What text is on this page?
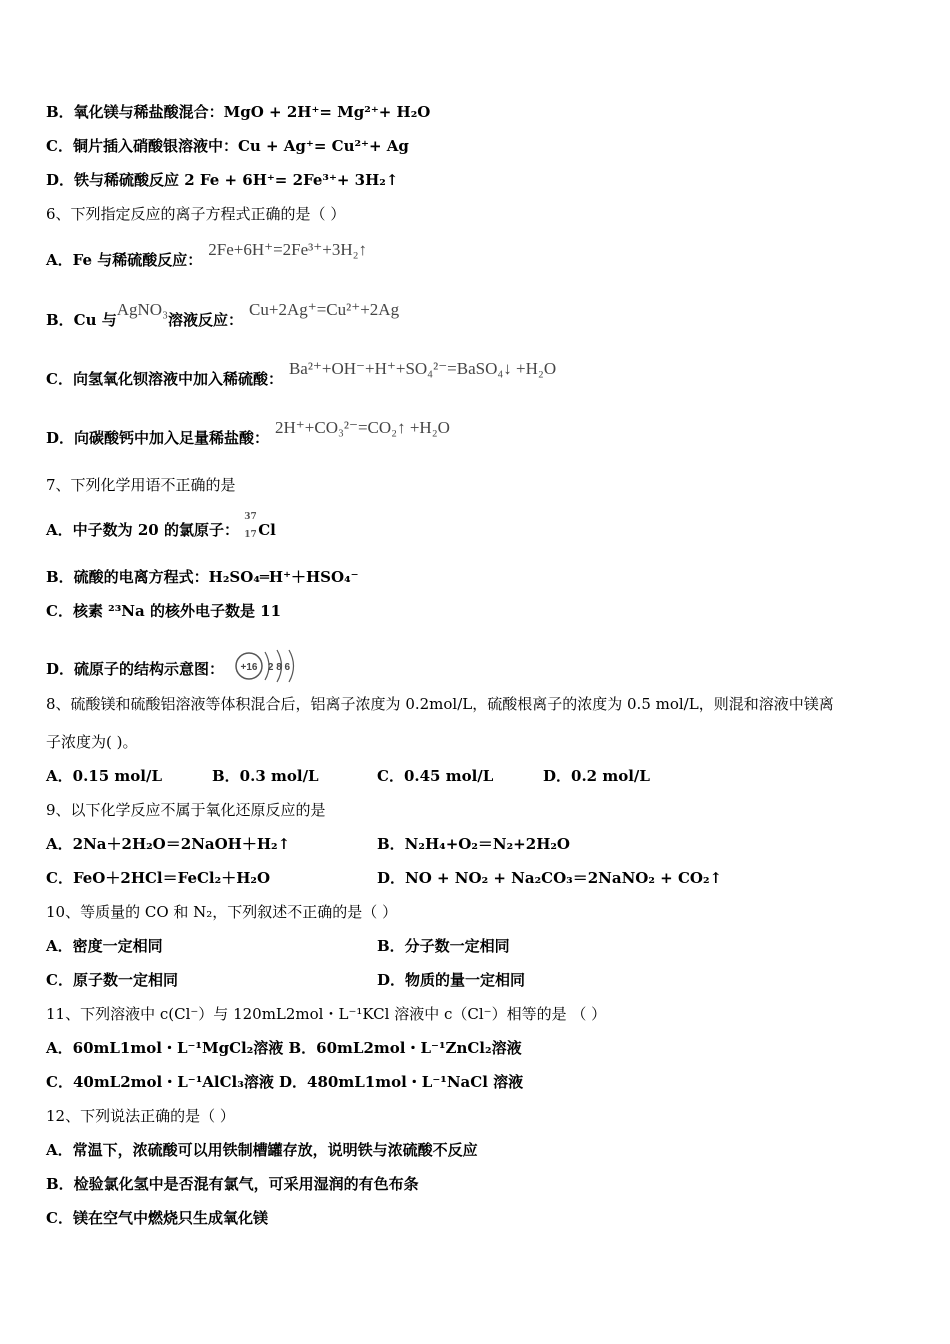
B．氧化镁与稀盐酸混合：MgO + 2H⁺= Mg²⁺+ H₂O
C．铜片插入硝酸银溶液中：Cu + Ag⁺= Cu²⁺+ Ag
D．铁与稀硫酸反应 2 Fe + 6H⁺= 2Fe³⁺+ 3H₂↑
6、下列指定反应的离子方程式正确的是（ ）
A．Fe 与稀硫酸反应：2Fe+6H⁺=2Fe³⁺+3H₂↑
B．Cu 与AgNO₃溶液反应：Cu+2Ag⁺=Cu²⁺+2Ag
C．向氢氧化钡溶液中加入稀硫酸：Ba²⁺+OH⁻+H⁺+SO₄²⁻=BaSO₄↓ +H₂O
D．向碳酸钙中加入足量稀盐酸：2H⁺+CO₃²⁻=CO₂↑ +H₂O
7、下列化学用语不正确的是
A．中子数为 20 的氯原子：
37
17 Cl
B．硫酸的电离方程式：H₂SO₄═H⁺＋HSO₄⁻
C．核素 ²³Na 的核外电子数是 11
D．硫原子的结构示意图： +16 2 8 6
8、硫酸镁和硫酸铝溶液等体积混合后，铝离子浓度为 0.2mol/L，硫酸根离子的浓度为 0.5 mol/L，则混和溶液中镁离
子浓度为( )。
A．0.15 mol/L	B．0.3 mol/L	C．0.45 mol/L	D．0.2 mol/L
9、以下化学反应不属于氧化还原反应的是
A．2Na＋2H₂O＝2NaOH＋H₂↑	B．N₂H₄+O₂＝N₂+2H₂O
C．FeO＋2HCl＝FeCl₂＋H₂O	D．NO + NO₂ + Na₂CO₃＝2NaNO₂ + CO₂↑
10、等质量的 CO 和 N₂，下列叙述不正确的是（ ）
A．密度一定相同	B．分子数一定相同
C．原子数一定相同	D．物质的量一定相同
11、下列溶液中 c(Cl⁻）与 120mL2mol・L⁻¹KCl 溶液中 c（Cl⁻）相等的是 （ ）
A．60mL1mol・L⁻¹MgCl₂溶液 B．60mL2mol・L⁻¹ZnCl₂溶液
C．40mL2mol・L⁻¹AlCl₃溶液 D．480mL1mol・L⁻¹NaCl 溶液
12、下列说法正确的是（ ）
A．常温下，浓硫酸可以用铁制槽罐存放，说明铁与浓硫酸不反应
B．检验氯化氢中是否混有氯气，可采用湿润的有色布条
C．镁在空气中燃烧只生成氧化镁
